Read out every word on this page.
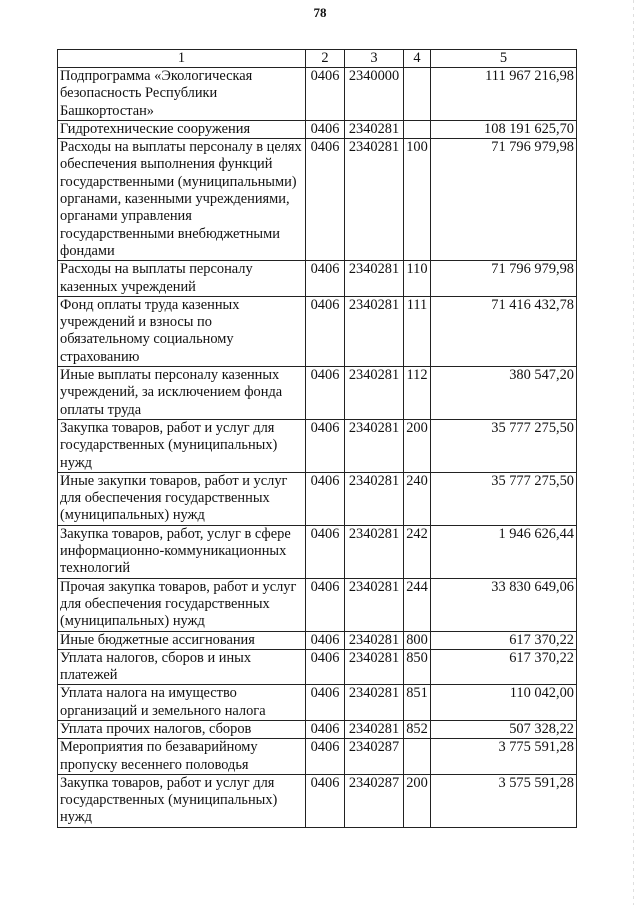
78
1	2	3	4	5
Подпрограмма «Экологическая безопасность Республики Башкортостан»	0406	2340000		111 967 216,98
Гидротехнические сооружения	0406	2340281		108 191 625,70
Расходы на выплаты персоналу в целях обеспечения выполнения функций государственными (муниципальными) органами, казенными учреждениями, органами управления государственными внебюджетными фондами	0406	2340281	100	71 796 979,98
Расходы на выплаты персоналу казенных учреждений	0406	2340281	110	71 796 979,98
Фонд оплаты труда казенных учреждений и взносы по обязательному социальному страхованию	0406	2340281	111	71 416 432,78
Иные выплаты персоналу казенных учреждений, за исключением фонда оплаты труда	0406	2340281	112	380 547,20
Закупка товаров, работ и услуг для государственных (муниципальных) нужд	0406	2340281	200	35 777 275,50
Иные закупки товаров, работ и услуг для обеспечения государственных (муниципальных) нужд	0406	2340281	240	35 777 275,50
Закупка товаров, работ, услуг в сфере информационно-коммуникационных технологий	0406	2340281	242	1 946 626,44
Прочая закупка товаров, работ и услуг для обеспечения государственных (муниципальных) нужд	0406	2340281	244	33 830 649,06
Иные бюджетные ассигнования	0406	2340281	800	617 370,22
Уплата налогов, сборов и иных платежей	0406	2340281	850	617 370,22
Уплата налога на имущество организаций и земельного налога	0406	2340281	851	110 042,00
Уплата прочих налогов, сборов	0406	2340281	852	507 328,22
Мероприятия по безаварийному пропуску весеннего половодья	0406	2340287		3 775 591,28
Закупка товаров, работ и услуг для государственных (муниципальных) нужд	0406	2340287	200	3 575 591,28
